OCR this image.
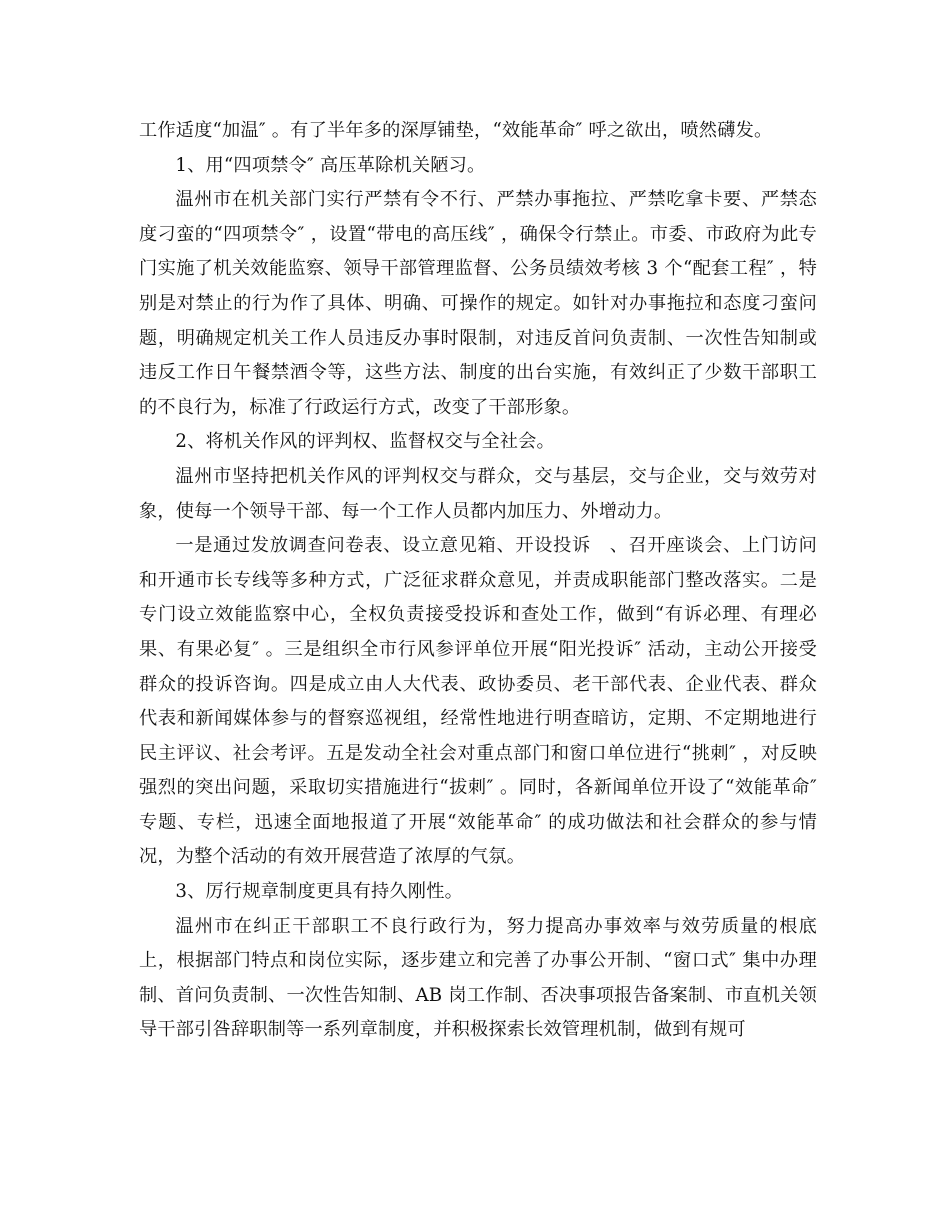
工作适度“加温″ 。有了半年多的深厚铺垫，“效能革命″ 呼之欲出，喷然礴发。

1、用“四项禁令″ 高压革除机关陋习。

温州市在机关部门实行严禁有令不行、严禁办事拖拉、严禁吃拿卡要、严禁态度刁蛮的“四项禁令″ ，设置“带电的高压线″ ，确保令行禁止。市委、市政府为此专门实施了机关效能监察、领导干部管理监督、公务员绩效考核 3 个“配套工程″ ，特别是对禁止的行为作了具体、明确、可操作的规定。如针对办事拖拉和态度刁蛮问题，明确规定机关工作人员违反办事时限制，对违反首问负责制、一次性告知制或违反工作日午餐禁酒令等，这些方法、制度的出台实施，有效纠正了少数干部职工的不良行为，标准了行政运行方式，改变了干部形象。

2、将机关作风的评判权、监督权交与全社会。

温州市坚持把机关作风的评判权交与群众，交与基层，交与企业，交与效劳对象，使每一个领导干部、每一个工作人员都内加压力、外增动力。

一是通过发放调查问卷表、设立意见箱、开设投诉　、召开座谈会、上门访问和开通市长专线等多种方式，广泛征求群众意见，并责成职能部门整改落实。二是专门设立效能监察中心，全权负责接受投诉和查处工作，做到“有诉必理、有理必果、有果必复″ 。三是组织全市行风参评单位开展“阳光投诉″ 活动，主动公开接受群众的投诉咨询。四是成立由人大代表、政协委员、老干部代表、企业代表、群众代表和新闻媒体参与的督察巡视组，经常性地进行明查暗访，定期、不定期地进行民主评议、社会考评。五是发动全社会对重点部门和窗口单位进行“挑刺″ ，对反映强烈的突出问题，采取切实措施进行“拔刺″ 。同时，各新闻单位开设了“效能革命″ 专题、专栏，迅速全面地报道了开展“效能革命″ 的成功做法和社会群众的参与情况，为整个活动的有效开展营造了浓厚的气氛。

3、厉行规章制度更具有持久刚性。

温州市在纠正干部职工不良行政行为，努力提高办事效率与效劳质量的根底上，根据部门特点和岗位实际，逐步建立和完善了办事公开制、“窗口式″ 集中办理制、首问负责制、一次性告知制、AB 岗工作制、否决事项报告备案制、市直机关领导干部引咎辞职制等一系列章制度，并积极探索长效管理机制，做到有规可
